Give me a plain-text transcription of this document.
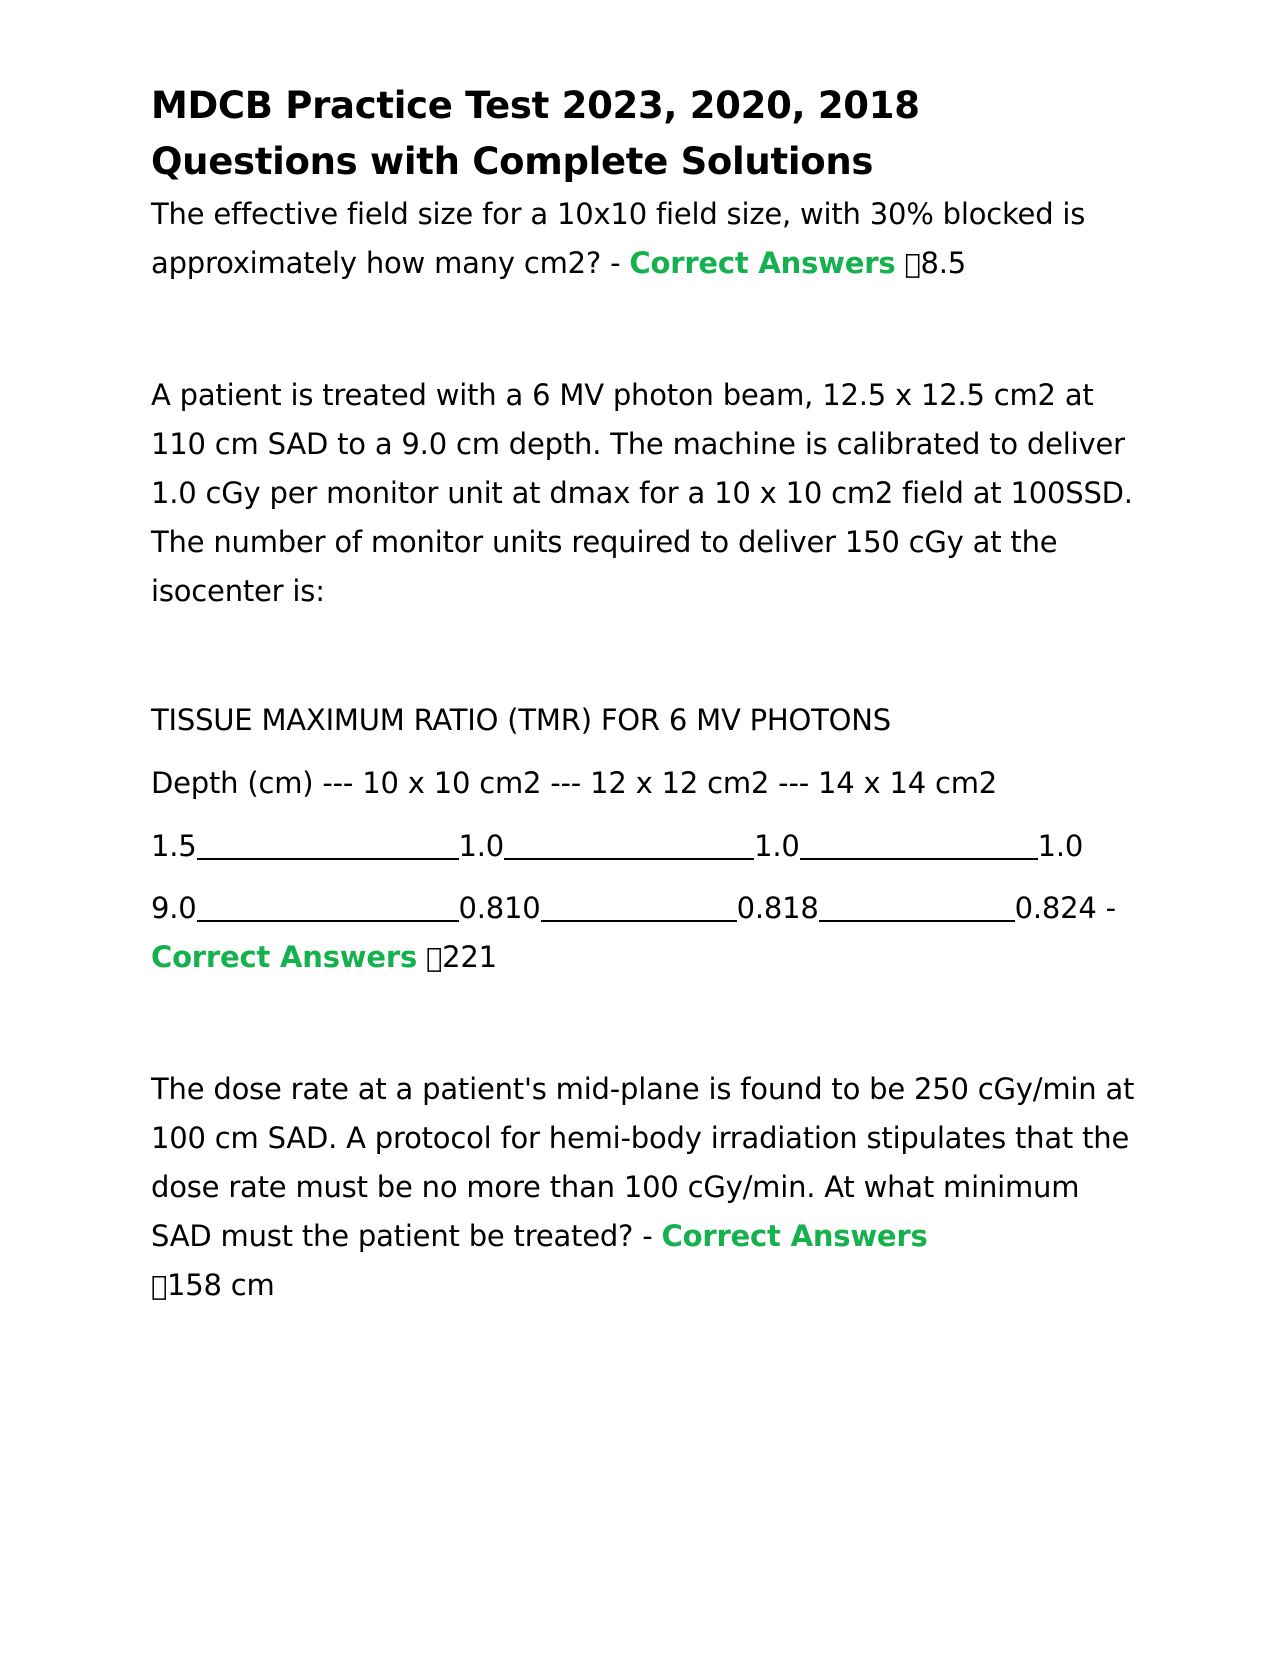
MDCB Practice Test 2023, 2020, 2018 Questions with Complete Solutions

The effective field size for a 10x10 field size, with 30% blocked is approximately how many cm2? - Correct Answers 8.5

A patient is treated with a 6 MV photon beam, 12.5 x 12.5 cm2 at 110 cm SAD to a 9.0 cm depth. The machine is calibrated to deliver 1.0 cGy per monitor unit at dmax for a 10 x 10 cm2 field at 100SSD. The number of monitor units required to deliver 150 cGy at the isocenter is:

TISSUE MAXIMUM RATIO (TMR) FOR 6 MV PHOTONS

Depth (cm) --- 10 x 10 cm2 --- 12 x 12 cm2 --- 14 x 14 cm2

1.5	1.0	1.0	1.0

9.0	0.810	0.818	0.824 -

Correct Answers 221

The dose rate at a patient's mid-plane is found to be 250 cGy/min at 100 cm SAD. A protocol for hemi-body irradiation stipulates that the dose rate must be no more than 100 cGy/min. At what minimum SAD must the patient be treated? - Correct Answers
158 cm
